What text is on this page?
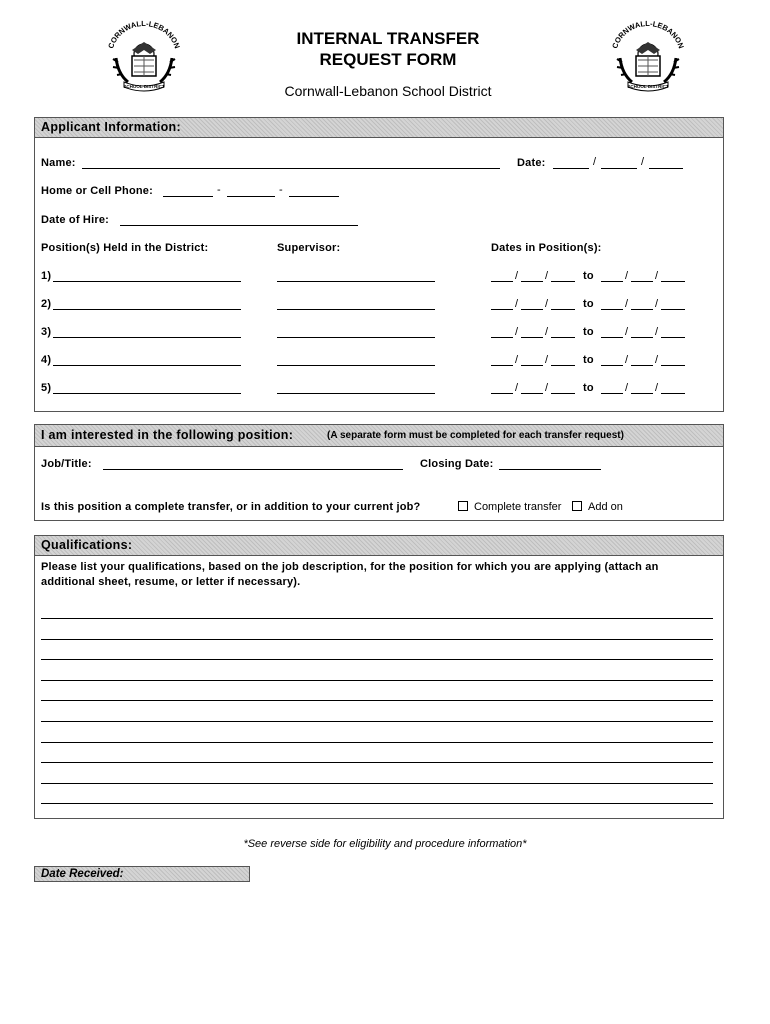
CORNWALL-LEBANON
SCHOOL DISTRICT
CORNWALL-LEBANON
SCHOOL DISTRICT
INTERNAL TRANSFER
REQUEST FORM
Cornwall-Lebanon School District
Applicant Information:
Name:	Date:	/	/
Home or Cell Phone:	-	-
Date of Hire:
Position(s) Held in the District:	Supervisor:	Dates in Position(s):
1)	/ /	to	/ /
2)	/ /	to	/ /
3)	/ /	to	/ /
4)	/ /	to	/ /
5)	/ /	to	/ /
I am interested in the following position:	(A separate form must be completed for each transfer request)
Job/Title:	Closing Date:
Is this position a complete transfer, or in addition to your current job?	Complete transfer Add on
Qualifications:
Please list your qualifications, based on the job description, for the position for which you are applying (attach an
additional sheet, resume, or letter if necessary).
*See reverse side for eligibility and procedure information*
Date Received:
